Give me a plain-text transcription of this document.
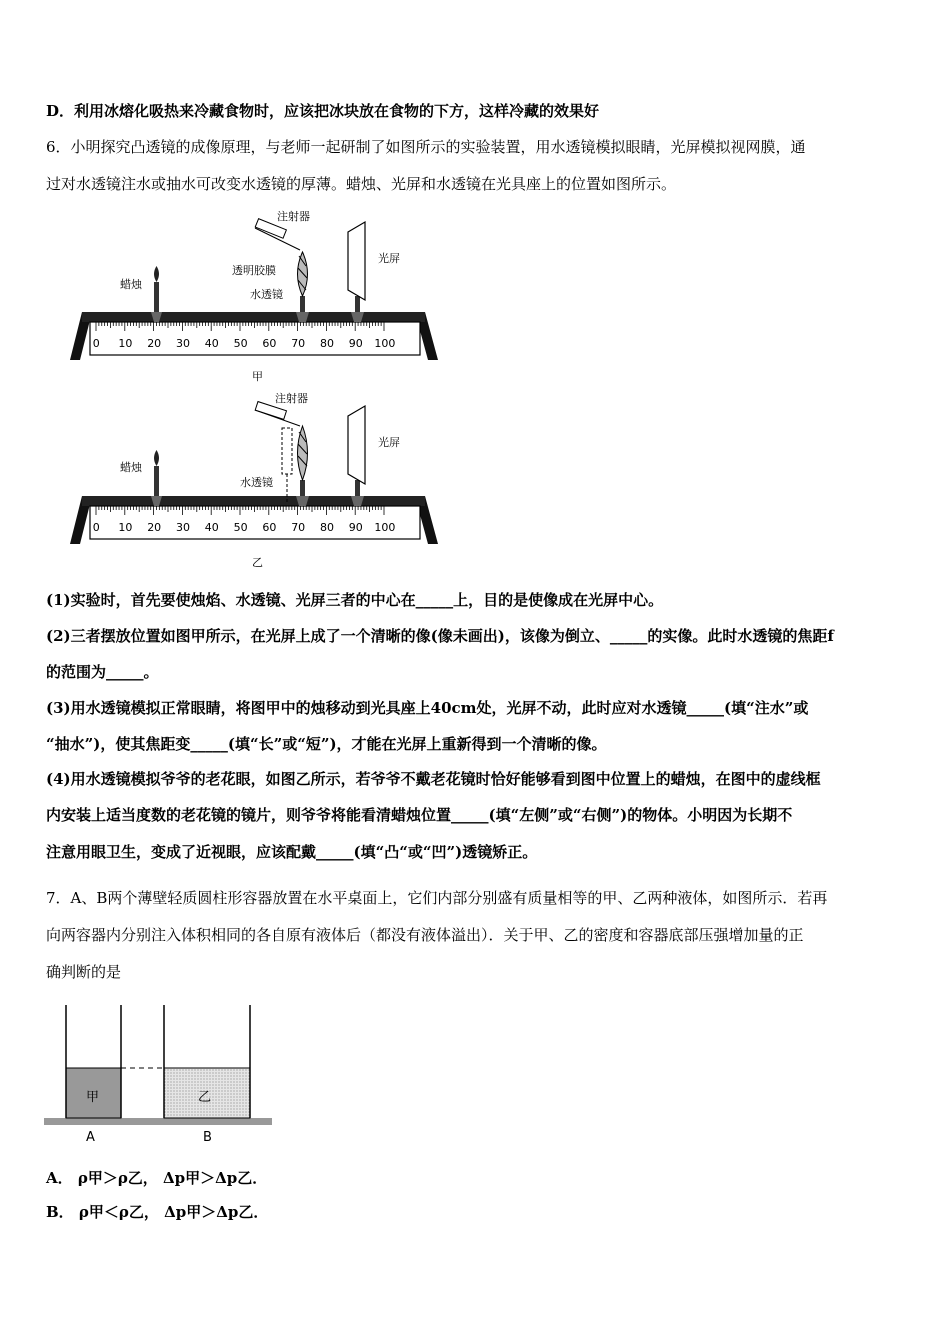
D．利用冰熔化吸热来冷藏食物时，应该把冰块放在食物的下方，这样冷藏的效果好
6．小明探究凸透镜的成像原理，与老师一起研制了如图所示的实验装置，用水透镜模拟眼睛，光屏模拟视网膜，通
过对水透镜注水或抽水可改变水透镜的厚薄。蜡烛、光屏和水透镜在光具座上的位置如图所示。
注射器
透明胶膜
蜡烛
水透镜
光屏
0 10 20 30 40 50 60 70 80 90 100
甲
注射器
蜡烛
水透镜
光屏
0 10 20 30 40 50 60 70 80 90 100
乙
(1)实验时，首先要使烛焰、水透镜、光屏三者的中心在_____上，目的是使像成在光屏中心。
(2)三者摆放位置如图甲所示，在光屏上成了一个清晰的像(像未画出)，该像为倒立、_____的实像。此时水透镜的焦距f
的范围为_____。
(3)用水透镜模拟正常眼睛，将图甲中的烛移动到光具座上40cm处，光屏不动，此时应对水透镜_____(填“注水”或
“抽水”)，使其焦距变_____(填“长”或“短”)，才能在光屏上重新得到一个清晰的像。
(4)用水透镜模拟爷爷的老花眼，如图乙所示，若爷爷不戴老花镜时恰好能够看到图中位置上的蜡烛，在图中的虚线框
内安装上适当度数的老花镜的镜片，则爷爷将能看清蜡烛位置_____(填“左侧”或“右侧”)的物体。小明因为长期不
注意用眼卫生，变成了近视眼，应该配戴_____(填“凸“或“凹”)透镜矫正。
7．A、B两个薄壁轻质圆柱形容器放置在水平桌面上，它们内部分别盛有质量相等的甲、乙两种液体，如图所示．若再
向两容器内分别注入体积相同的各自原有液体后（都没有液体溢出）．关于甲、乙的密度和容器底部压强增加量的正
确判断的是
甲	乙
A	B
A． ρ甲＞ρ乙， Δp甲＞Δp乙．
B． ρ甲＜ρ乙， Δp甲＞Δp乙．
